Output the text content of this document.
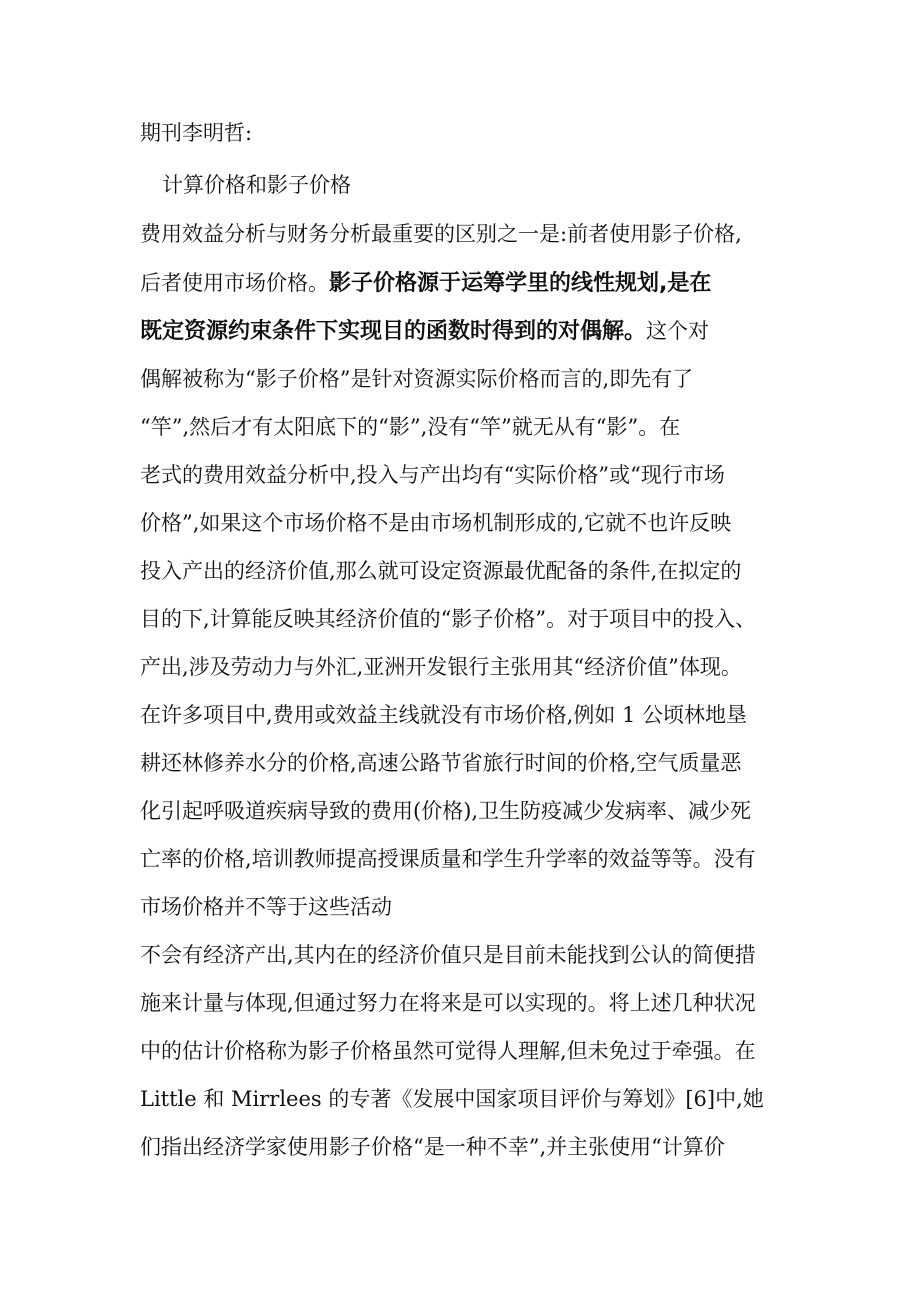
期刊李明哲:
计算价格和影子价格
费用效益分析与财务分析最重要的区别之一是:前者使用影子价格,
后者使用市场价格。影子价格源于运筹学里的线性规划,是在
既定资源约束条件下实现目的函数时得到的对偶解。这个对
偶解被称为“影子价格”是针对资源实际价格而言的,即先有了
“竿”,然后才有太阳底下的“影”,没有“竿”就无从有“影”。在
老式的费用效益分析中,投入与产出均有“实际价格”或“现行市场
价格”,如果这个市场价格不是由市场机制形成的,它就不也许反映
投入产出的经济价值,那么就可设定资源最优配备的条件,在拟定的
目的下,计算能反映其经济价值的“影子价格”。对于项目中的投入、
产出,涉及劳动力与外汇,亚洲开发银行主张用其“经济价值”体现。
在许多项目中,费用或效益主线就没有市场价格,例如 1 公顷林地垦
耕还林修养水分的价格,高速公路节省旅行时间的价格,空气质量恶
化引起呼吸道疾病导致的费用(价格),卫生防疫减少发病率、减少死
亡率的价格,培训教师提高授课质量和学生升学率的效益等等。没有
市场价格并不等于这些活动
不会有经济产出,其内在的经济价值只是目前未能找到公认的简便措
施来计量与体现,但通过努力在将来是可以实现的。将上述几种状况
中的估计价格称为影子价格虽然可觉得人理解,但未免过于牵强。在
Little 和 Mirrlees 的专著《发展中国家项目评价与筹划》[6]中,她
们指出经济学家使用影子价格“是一种不幸”,并主张使用“计算价
